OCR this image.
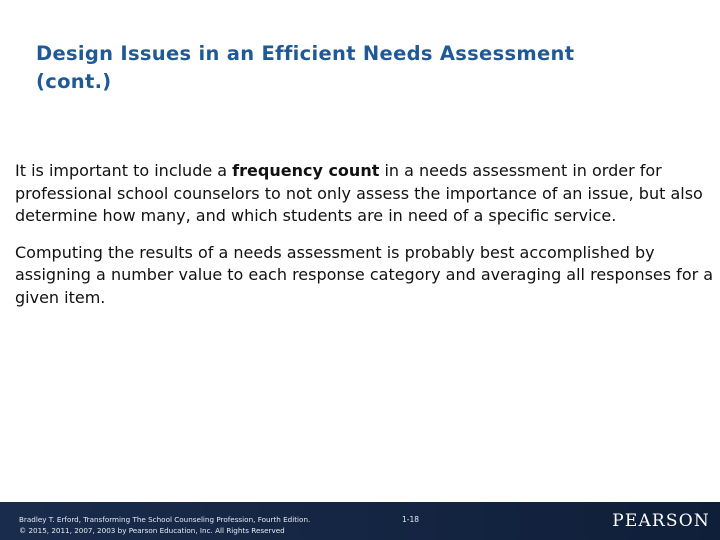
Design Issues in an Efficient Needs Assessment
(cont.)

It is important to include a frequency count in a needs assessment in order for professional school counselors to not only assess the importance of an issue, but also determine how many, and which students are in need of a specific service.

Computing the results of a needs assessment is probably best accomplished by assigning a number value to each response category and averaging all responses for a given item.

Bradley T. Erford, Transforming The School Counseling Profession, Fourth Edition.
© 2015, 2011, 2007, 2003 by Pearson Education, Inc. All Rights Reserved
1-18	PEARSON
